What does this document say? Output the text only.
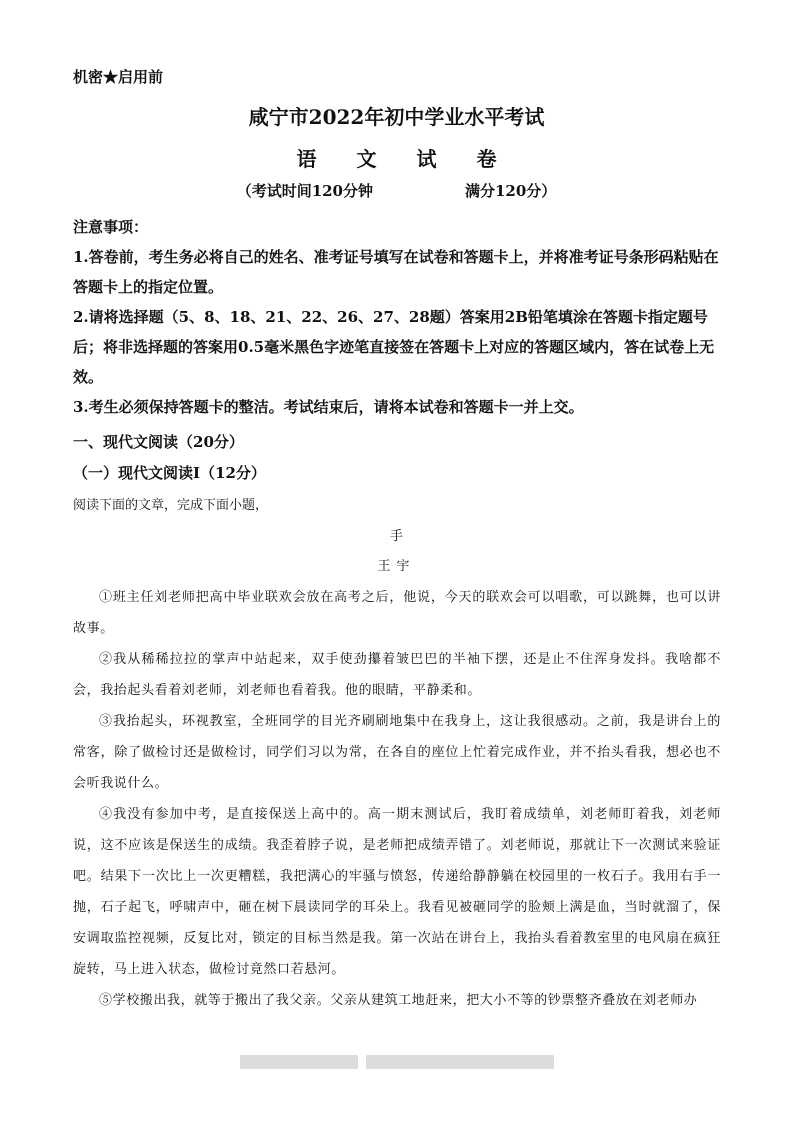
机密★启用前
咸宁市2022年初中学业水平考试
语文试卷
（考试时间120分钟	满分120分）
注意事项：
1.答卷前，考生务必将自己的姓名、准考证号填写在试卷和答题卡上，并将准考证号条形码粘贴在答题卡上的指定位置。
2.请将选择题（5、8、18、21、22、26、27、28题）答案用2B铅笔填涂在答题卡指定题号后；将非选择题的答案用0.5毫米黑色字迹笔直接签在答题卡上对应的答题区域内，答在试卷上无效。
3.考生必须保持答题卡的整洁。考试结束后，请将本试卷和答题卡一并上交。
一、现代文阅读（20分）
（一）现代文阅读Ⅰ（12分）
阅读下面的文章，完成下面小题，
手
王宇

①班主任刘老师把高中毕业联欢会放在高考之后，他说，今天的联欢会可以唱歌，可以跳舞，也可以讲故事。

②我从稀稀拉拉的掌声中站起来，双手使劲攥着皱巴巴的半袖下摆，还是止不住浑身发抖。我啥都不会，我抬起头看着刘老师，刘老师也看着我。他的眼睛，平静柔和。

③我抬起头，环视教室，全班同学的目光齐刷刷地集中在我身上，这让我很感动。之前，我是讲台上的常客，除了做检讨还是做检讨，同学们习以为常，在各自的座位上忙着完成作业，并不抬头看我，想必也不会听我说什么。

④我没有参加中考，是直接保送上高中的。高一期末测试后，我盯着成绩单，刘老师盯着我，刘老师说，这不应该是保送生的成绩。我歪着脖子说，是老师把成绩弄错了。刘老师说，那就让下一次测试来验证吧。结果下一次比上一次更糟糕，我把满心的牢骚与愤怒，传递给静静躺在校园里的一枚石子。我用右手一抛，石子起飞，呼啸声中，砸在树下晨读同学的耳朵上。我看见被砸同学的脸颊上满是血，当时就溜了，保安调取监控视频，反复比对，锁定的目标当然是我。第一次站在讲台上，我抬头看着教室里的电风扇在疯狂旋转，马上进入状态，做检讨竟然口若悬河。

⑤学校搬出我，就等于搬出了我父亲。父亲从建筑工地赶来，把大小不等的钞票整齐叠放在刘老师办
